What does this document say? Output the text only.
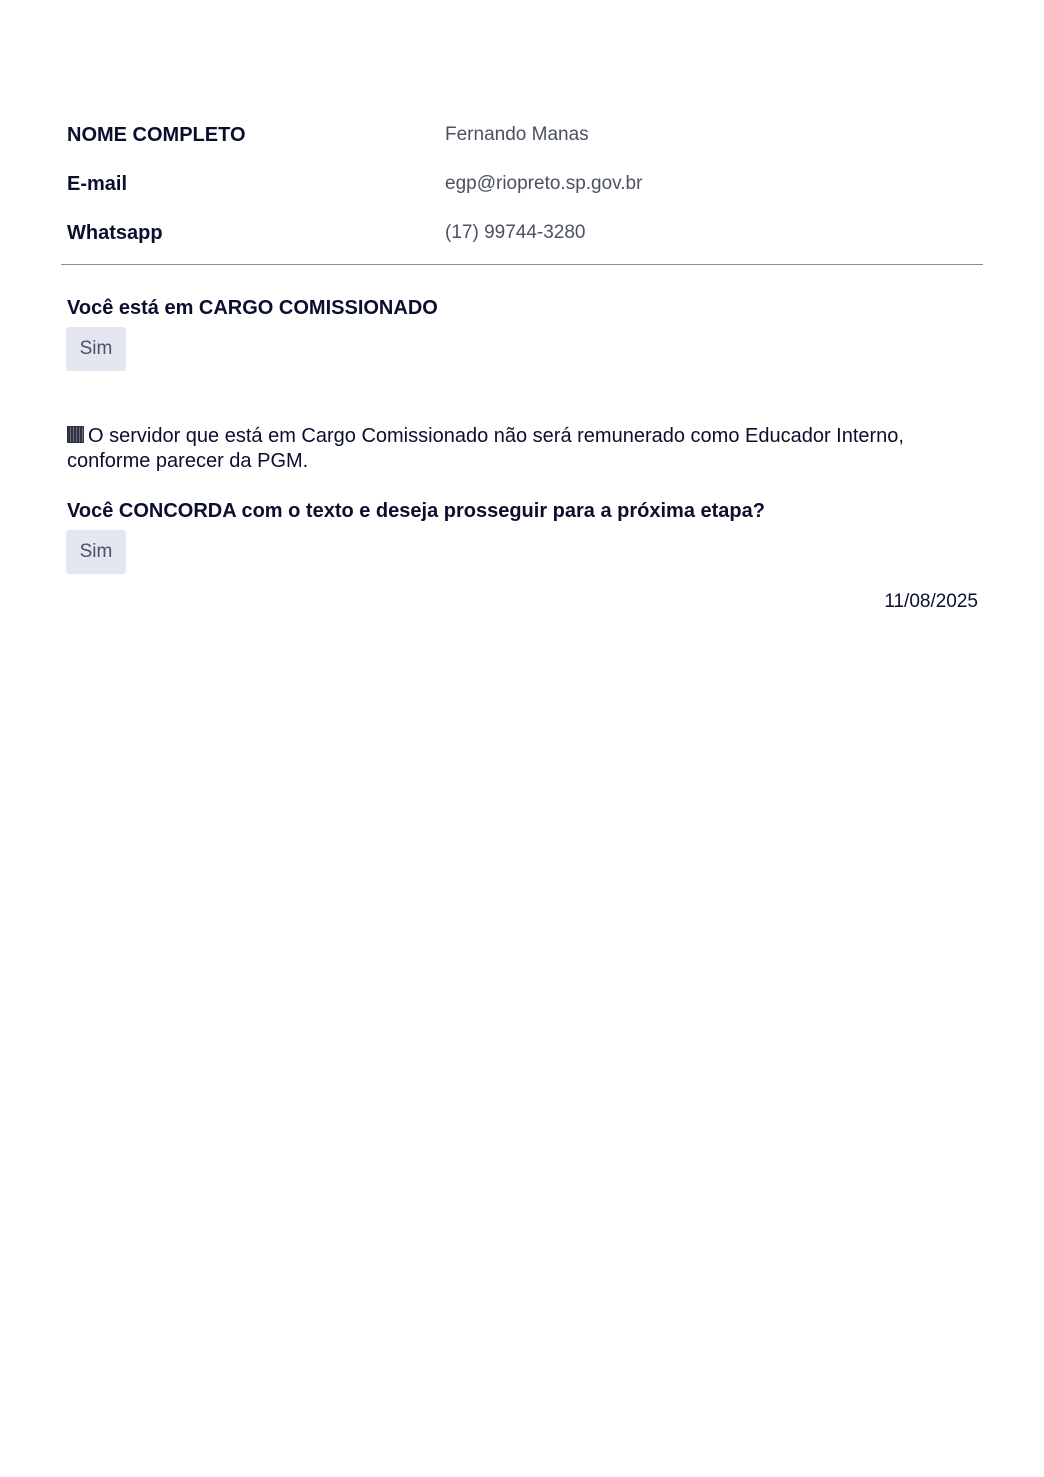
NOME COMPLETO	Fernando Manas
E-mail	egp@riopreto.sp.gov.br
Whatsapp	(17) 99744-3280
Você está em CARGO COMISSIONADO
Sim
O servidor que está em Cargo Comissionado não será remunerado como Educador Interno, conforme parecer da PGM.
Você CONCORDA com o texto e deseja prosseguir para a próxima etapa?
Sim
11/08/2025
